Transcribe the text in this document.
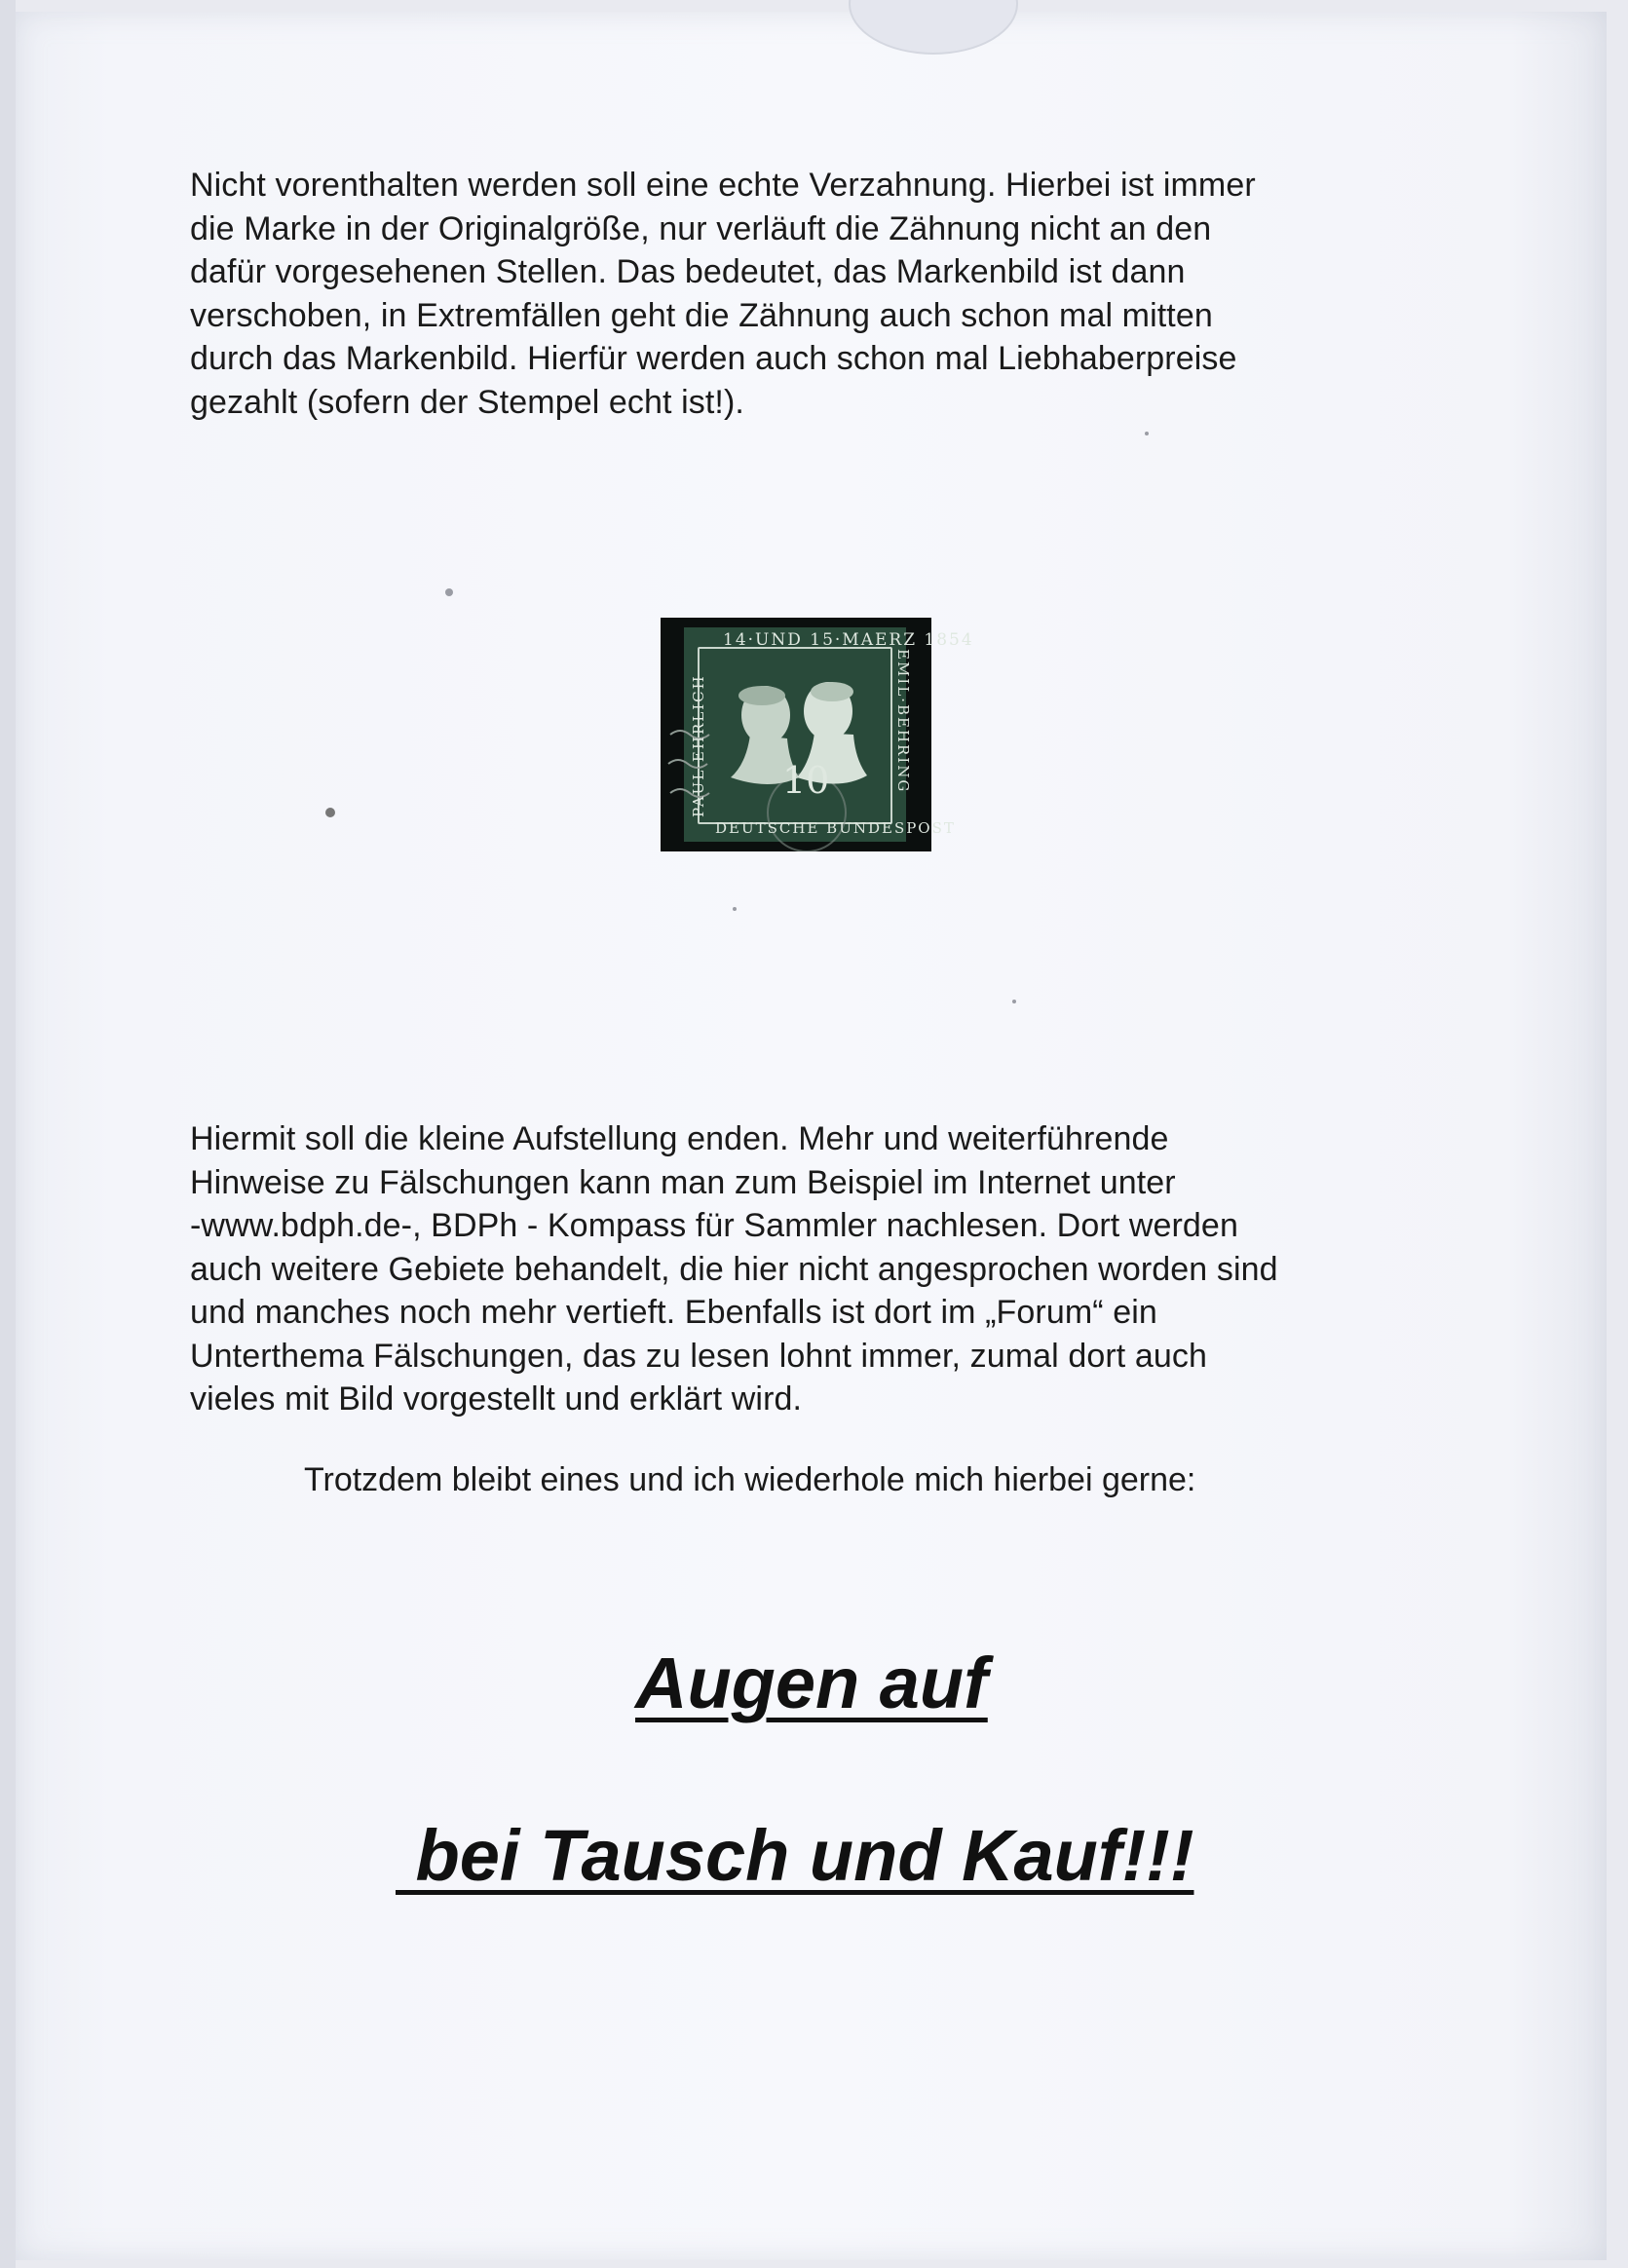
Nicht vorenthalten werden soll eine echte Verzahnung. Hierbei ist immer
die Marke in der Originalgröße, nur verläuft die Zähnung nicht an den
dafür vorgesehenen Stellen. Das bedeutet, das Markenbild ist dann
verschoben, in Extremfällen geht die Zähnung auch schon mal mitten
durch das Markenbild. Hierfür werden auch schon mal Liebhaberpreise
gezahlt (sofern der Stempel echt ist!).

14·UND 15·MAERZ 1854
10
DEUTSCHE BUNDESPOST
PAUL·EHRLICH	EMIL·BEHRING

Hiermit soll die kleine Aufstellung enden. Mehr und weiterführende
Hinweise zu Fälschungen kann man zum Beispiel im Internet unter
-www.bdph.de-, BDPh - Kompass für Sammler nachlesen. Dort werden
auch weitere Gebiete behandelt, die hier nicht angesprochen worden sind
und manches noch mehr vertieft. Ebenfalls ist dort im „Forum“ ein
Unterthema Fälschungen, das zu lesen lohnt immer, zumal dort auch
vieles mit Bild vorgestellt und erklärt wird.

Trotzdem bleibt eines und ich wiederhole mich hierbei gerne:

Augen auf
bei Tausch und Kauf!!!
